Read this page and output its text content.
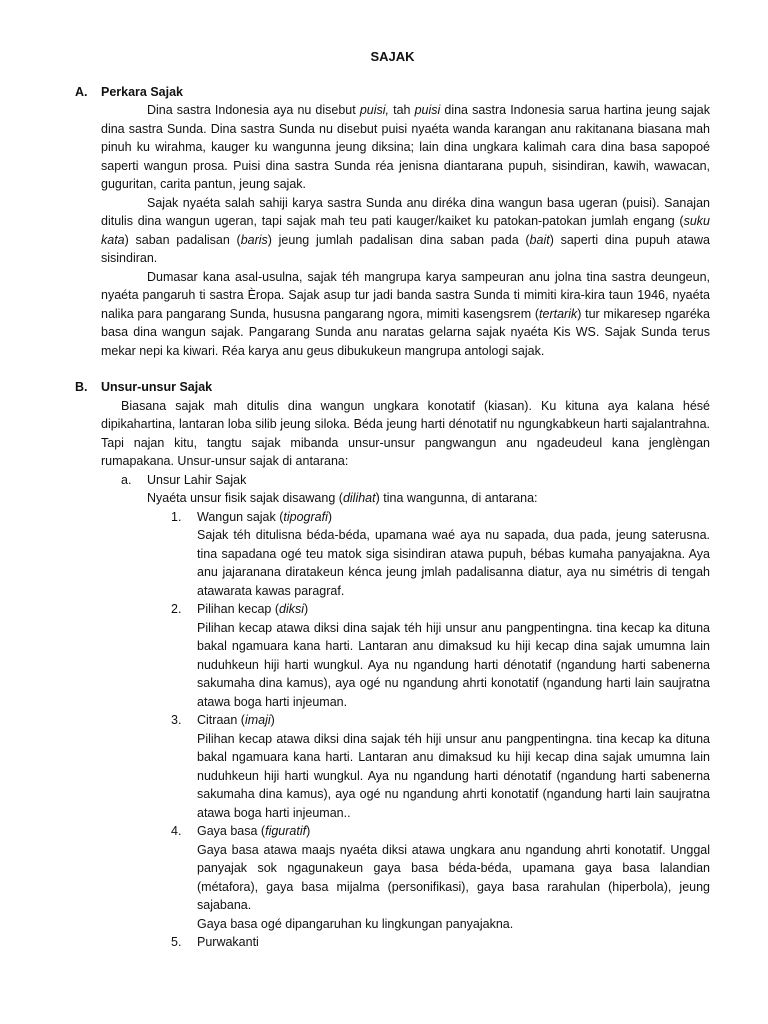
SAJAK
A.	Perkara Sajak

Dina sastra Indonesia aya nu disebut puisi, tah puisi dina sastra Indonesia sarua hartina jeung sajak dina sastra Sunda. Dina sastra Sunda nu disebut puisi nyaéta wanda karangan anu rakitanana biasana mah pinuh ku wirahma, kauger ku wangunna jeung diksina; lain dina ungkara kalimah cara dina basa sapopoé saperti wangun prosa. Puisi dina sastra Sunda réa jenisna diantarana pupuh, sisindiran, kawih, wawacan, guguritan, carita pantun, jeung sajak.

Sajak nyaéta salah sahiji karya sastra Sunda anu diréka dina wangun basa ugeran (puisi). Sanajan ditulis dina wangun ugeran, tapi sajak mah teu pati kauger/kaiket ku patokan-patokan jumlah engang (suku kata) saban padalisan (baris) jeung jumlah padalisan dina saban pada (bait) saperti dina pupuh atawa sisindiran.

Dumasar kana asal-usulna, sajak téh mangrupa karya sampeuran anu jolna tina sastra deungeun, nyaéta pangaruh ti sastra Èropa. Sajak asup tur jadi banda sastra Sunda ti mimiti kira-kira taun 1946, nyaéta nalika para pangarang Sunda, hususna pangarang ngora, mimiti kasengsrem (tertarik) tur mikaresep ngaréka basa dina wangun sajak. Pangarang Sunda anu naratas gelarna sajak nyaéta Kis WS. Sajak Sunda terus mekar nepi ka kiwari. Réa karya anu geus dibukukeun mangrupa antologi sajak.

B.	Unsur-unsur Sajak

Biasana sajak mah ditulis dina wangun ungkara konotatif (kiasan). Ku kituna aya kalana hésé dipikahartina, lantaran loba silib jeung siloka. Béda jeung harti dénotatif nu ngungkabkeun harti sajalantrahna. Tapi najan kitu, tangtu sajak mibanda unsur-unsur pangwangun anu ngadeudeul kana jenglèngan rumapakana. Unsur-unsur sajak di antarana:

a.	Unsur Lahir Sajak

Nyaéta unsur fisik sajak disawang (dilihat) tina wangunna, di antarana:

1. Wangun sajak (tipografi)

Sajak téh ditulisna béda-béda, upamana waé aya nu sapada, dua pada, jeung saterusna. tina sapadana ogé teu matok siga sisindiran atawa pupuh, bébas kumaha panyajakna. Aya anu jajaranana diratakeun kénca jeung jmlah padalisanna diatur, aya nu simétris di tengah atawarata kawas paragraf.

2. Pilihan kecap (diksi)

Pilihan kecap atawa diksi dina sajak téh hiji unsur anu pangpentingna. tina kecap ka dituna bakal ngamuara kana harti. Lantaran anu dimaksud ku hiji kecap dina sajak umumna lain nuduhkeun hiji harti wungkul. Aya nu ngandung harti dénotatif (ngandung harti sabenerna sakumaha dina kamus), aya ogé nu ngandung ahrti konotatif (ngandung harti lain saujratna atawa boga harti injeuman.

3. Citraan (imaji)

Pilihan kecap atawa diksi dina sajak téh hiji unsur anu pangpentingna. tina kecap ka dituna bakal ngamuara kana harti. Lantaran anu dimaksud ku hiji kecap dina sajak umumna lain nuduhkeun hiji harti wungkul. Aya nu ngandung harti dénotatif (ngandung harti sabenerna sakumaha dina kamus), aya ogé nu ngandung ahrti konotatif (ngandung harti lain saujratna atawa boga harti injeuman..

4. Gaya basa (figuratif)

Gaya basa atawa maajs nyaéta diksi atawa ungkara anu ngandung ahrti konotatif. Unggal panyajak sok ngagunakeun gaya basa béda-béda, upamana gaya basa lalandian (métafora), gaya basa mijalma (personifikasi), gaya basa rarahulan (hiperbola), jeung sajabana.

Gaya basa ogé dipangaruhan ku lingkungan panyajakna.

5. Purwakanti
